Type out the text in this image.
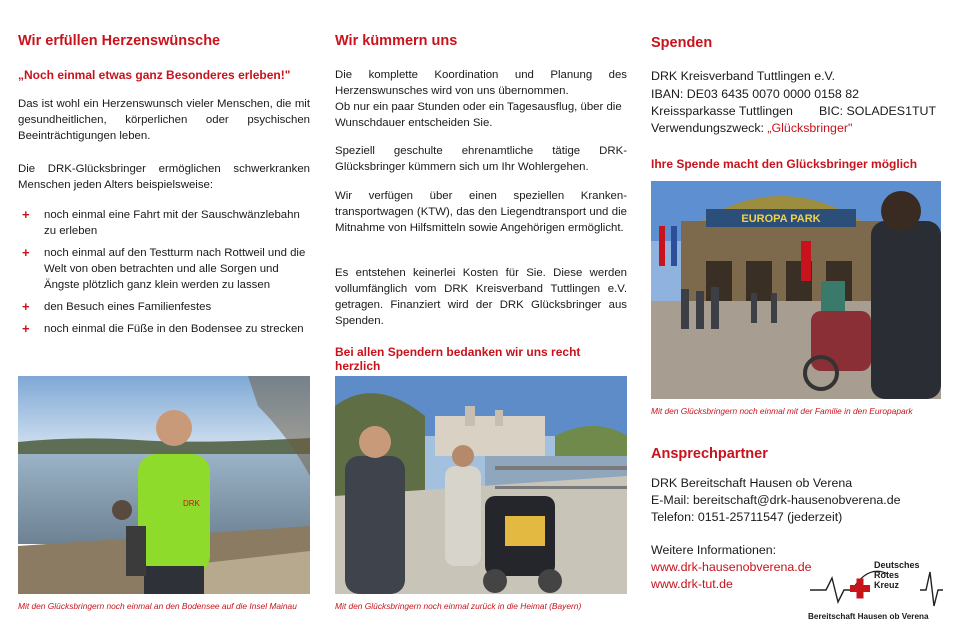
Wir erfüllen Herzenswünsche
„Noch einmal etwas ganz Besonderes erleben!"

Das ist wohl ein Herzenswunsch vieler Menschen, die mit gesundheitlichen, körperlichen oder psychischen Beeinträchtigungen leben.

Die DRK-Glücksbringer ermöglichen schwerkranken Menschen jeden Alters beispielsweise:

+ noch einmal eine Fahrt mit der Sauschwänzlebahn zu erleben
+ noch einmal auf den Testturm nach Rottweil und die Welt von oben betrachten und alle Sorgen und Ängste plötzlich ganz klein werden zu lassen
+ den Besuch eines Familienfestes
+ noch einmal die Füße in den Bodensee zu strecken
DRK
Mit den Glücksbringern noch einmal an den Bodensee auf die Insel Mainau
Wir kümmern uns

Die komplette Koordination und Planung des Herzenswunsches wird von uns übernommen.

Ob nur ein paar Stunden oder ein Tagesausflug, über die Wunschdauer entscheiden Sie.

Speziell geschulte ehrenamtliche tätige DRK-Glücksbringer kümmern sich um Ihr Wohlergehen.

Wir verfügen über einen speziellen Kranken-transportwagen (KTW), das den Liegendtransport und die Mitnahme von Hilfsmitteln sowie Angehörigen ermöglicht.

Es entstehen keinerlei Kosten für Sie. Diese werden vollumfänglich vom DRK Kreisverband Tuttlingen e.V. getragen. Finanziert wird der DRK Glücksbringer aus Spenden.

Bei allen Spendern bedanken wir uns recht herzlich
Mit den Glücksbringern noch einmal zurück in die Heimat (Bayern)
Spenden
DRK Kreisverband Tuttlingen e.V.
IBAN: DE03 6435 0070 0000 0158 82
Kreissparkasse Tuttlingen BIC: SOLADES1TUT
Verwendungszweck: „Glücksbringer"
Ihre Spende macht den Glücksbringer möglich
EUROPA PARK
Mit den Glücksbringern noch einmal mit der Familie in den Europapark
Ansprechpartner
DRK Bereitschaft Hausen ob Verena
E-Mail: bereitschaft@drk-hausenobverena.de
Telefon: 0151-25711547 (jederzeit)
Weitere Informationen:
www.drk-hausenobverena.de
www.drk-tut.de
Deutsches
Rotes
Kreuz
Bereitschaft Hausen ob Verena
